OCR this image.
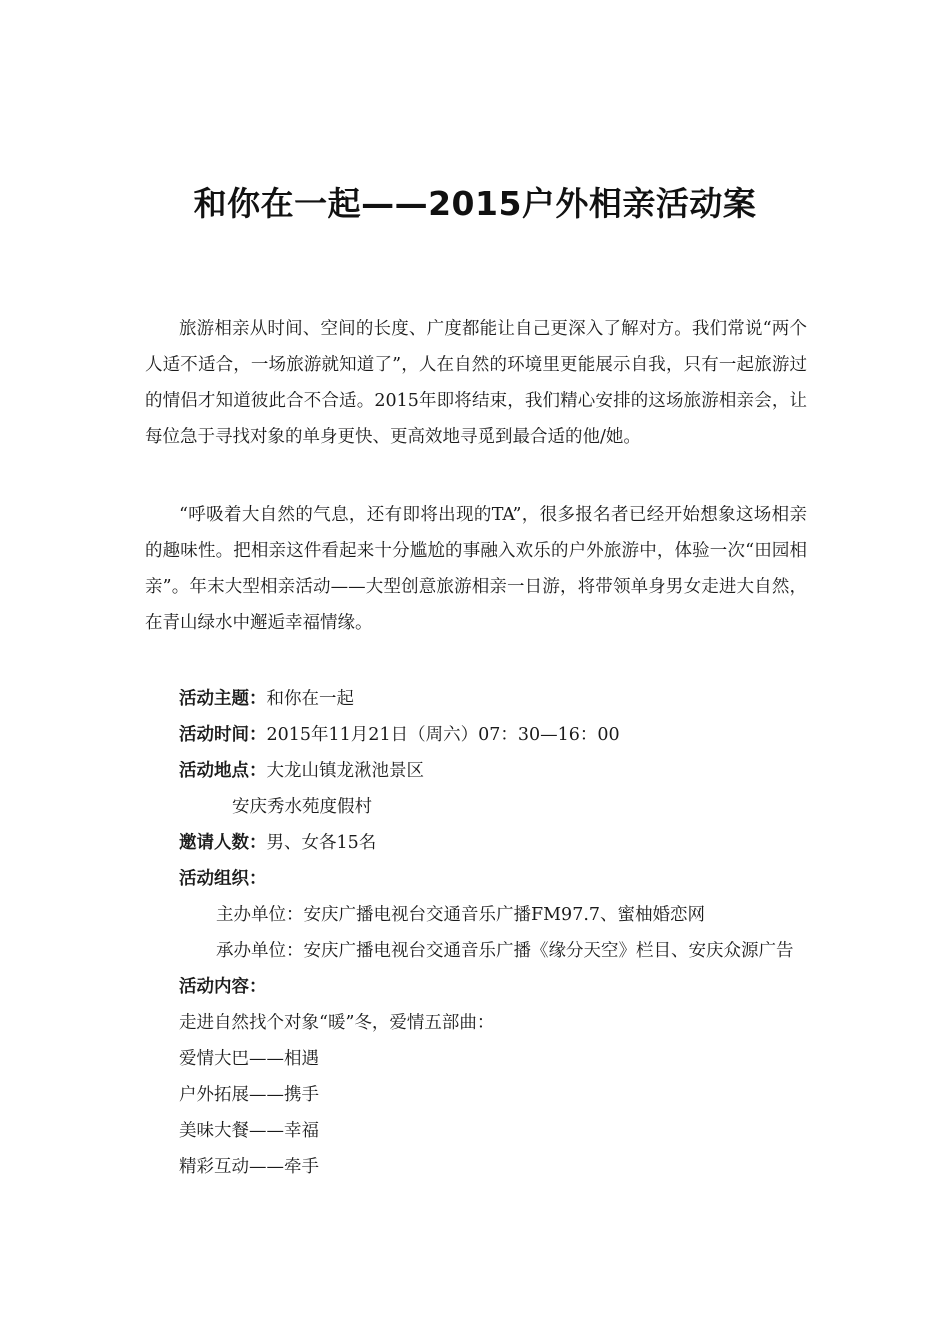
和你在一起——2015户外相亲活动案

旅游相亲从时间、空间的长度、广度都能让自己更深入了解对方。我们常说“两个人适不适合，一场旅游就知道了”，人在自然的环境里更能展示自我，只有一起旅游过的情侣才知道彼此合不合适。2015年即将结束，我们精心安排的这场旅游相亲会，让每位急于寻找对象的单身更快、更高效地寻觅到最合适的他/她。

“呼吸着大自然的气息，还有即将出现的TA”，很多报名者已经开始想象这场相亲的趣味性。把相亲这件看起来十分尴尬的事融入欢乐的户外旅游中，体验一次“田园相亲”。年末大型相亲活动——大型创意旅游相亲一日游，将带领单身男女走进大自然，在青山绿水中邂逅幸福情缘。

活动主题：和你在一起

活动时间：2015年11月21日（周六）07：30—16：00

活动地点：大龙山镇龙湫池景区

安庆秀水苑度假村

邀请人数：男、女各15名

活动组织：

主办单位：安庆广播电视台交通音乐广播FM97.7、蜜柚婚恋网

承办单位：安庆广播电视台交通音乐广播《缘分天空》栏目、安庆众源广告

活动内容：

走进自然找个对象“暖”冬，爱情五部曲：

爱情大巴——相遇

户外拓展——携手

美味大餐——幸福

精彩互动——牵手
